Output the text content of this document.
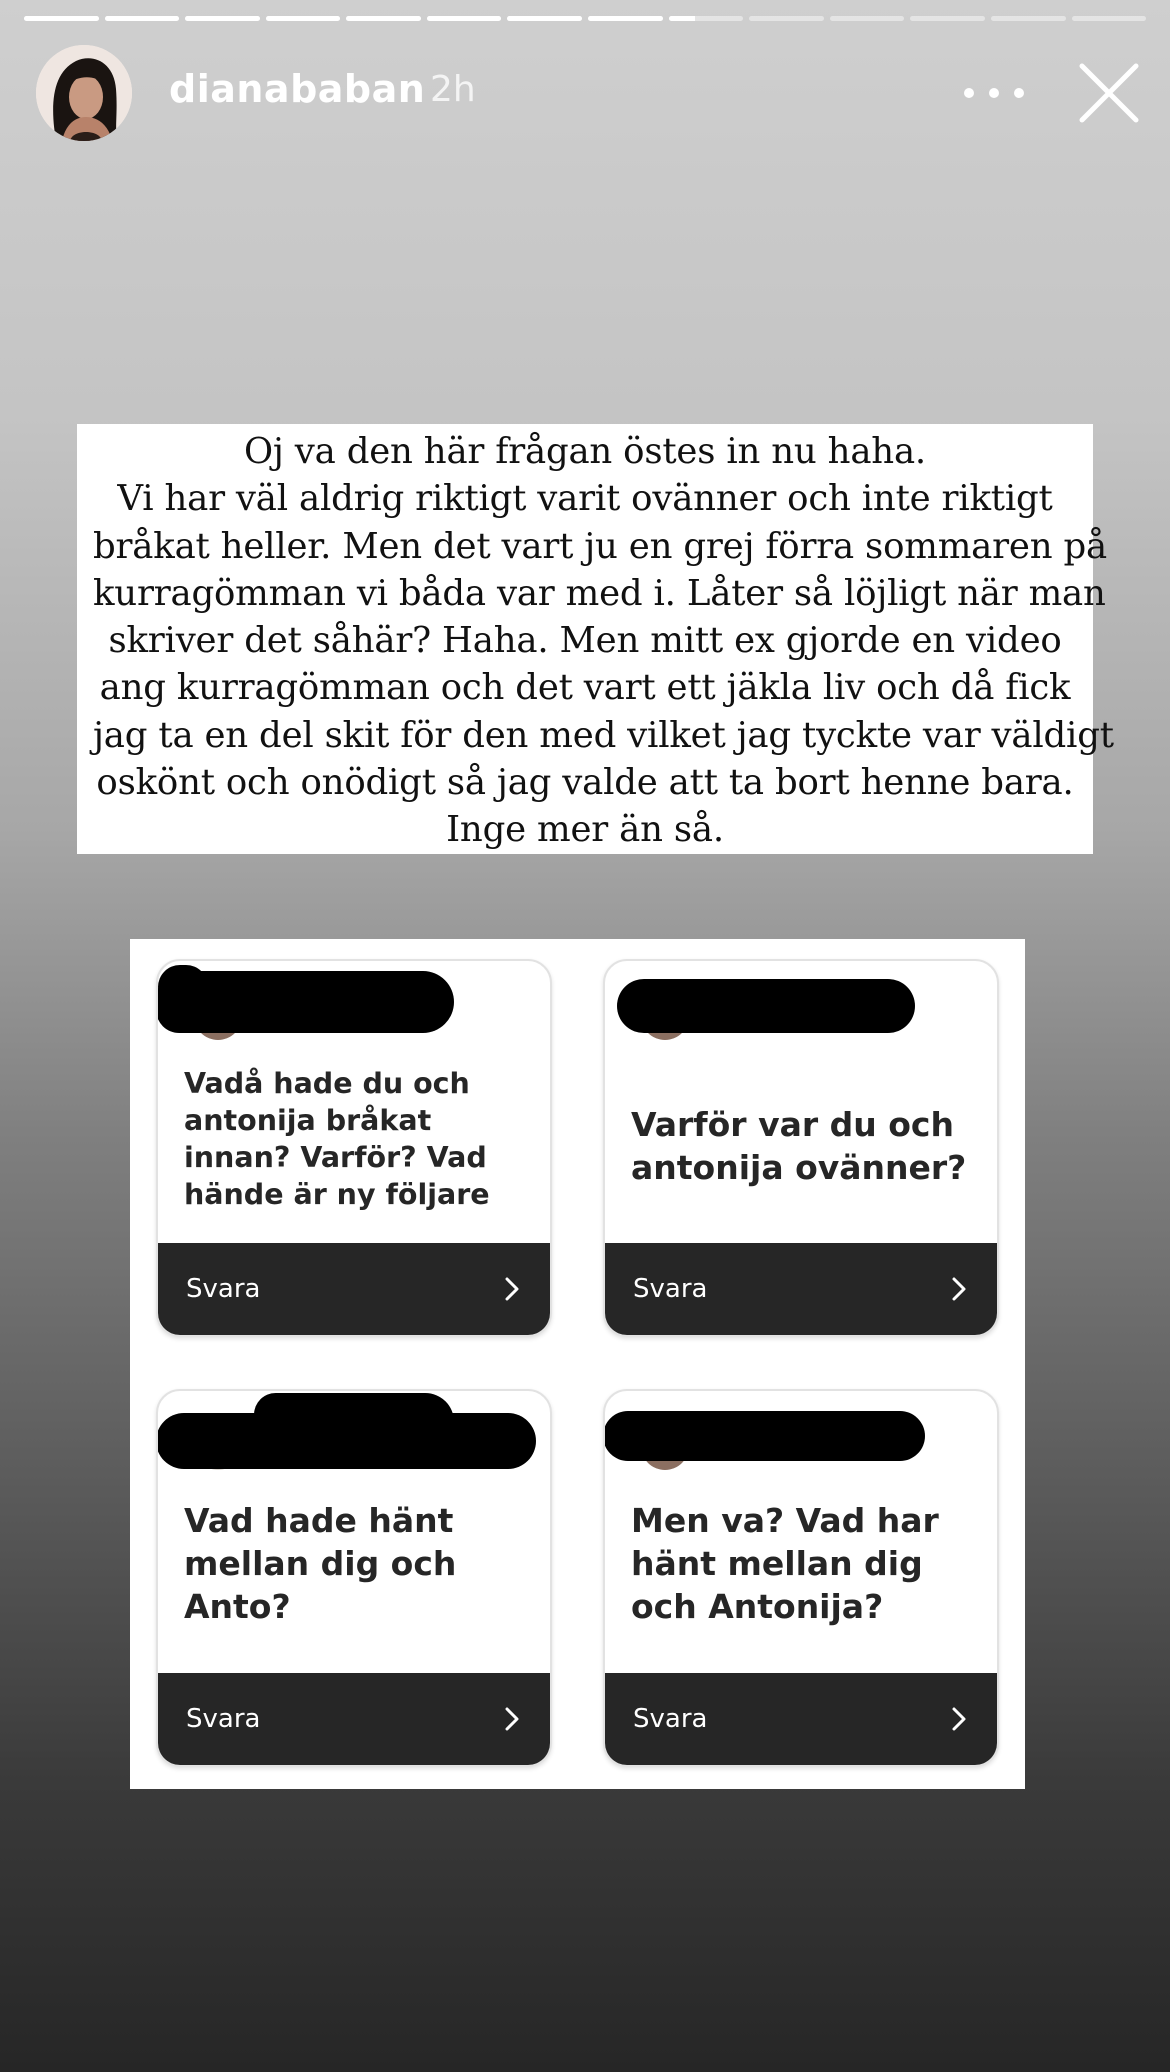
dianababan 2h
Oj va den här frågan östes in nu haha.
Vi har väl aldrig riktigt varit ovänner och inte riktigt
bråkat heller. Men det vart ju en grej förra sommaren på
kurragömman vi båda var med i. Låter så löjligt när man
skriver det såhär? Haha. Men mitt ex gjorde en video
ang kurragömman och det vart ett jäkla liv och då fick
jag ta en del skit för den med vilket jag tyckte var väldigt
oskönt och onödigt så jag valde att ta bort henne bara.
Inge mer än så.
Vadå hade du och antonija bråkat innan? Varför? Vad hände är ny följare
Svara
Varför var du och antonija ovänner?
Svara
Vad hade hänt mellan dig och Anto?
Svara
Men va? Vad har hänt mellan dig och Antonija?
Svara
